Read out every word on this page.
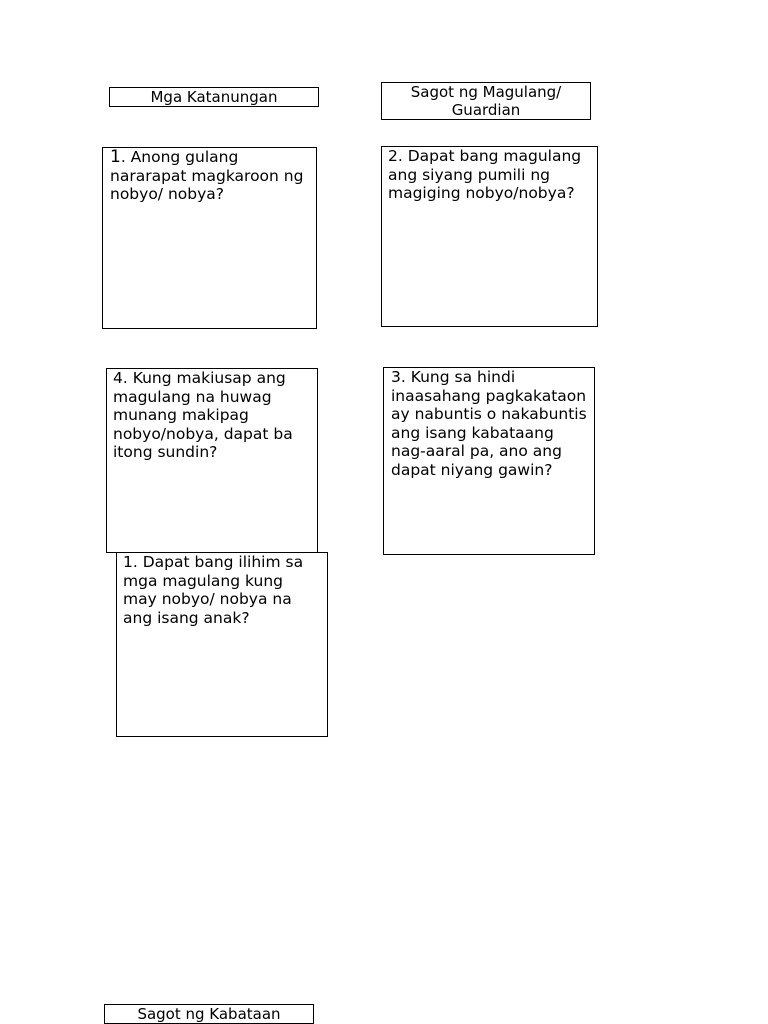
Mga Katanungan	Sagot ng Magulang/
Guardian
1. Anong gulang nararapat magkaroon ng nobyo/ nobya?
2. Dapat bang magulang ang siyang pumili ng magiging nobyo/nobya?
4. Kung makiusap ang magulang na huwag munang makipag nobyo/nobya, dapat ba itong sundin?
3. Kung sa hindi inaasahang pagkakataon ay nabuntis o nakabuntis ang isang kabataang nag-aaral pa, ano ang dapat niyang gawin?
1. Dapat bang ilihim sa mga magulang kung may nobyo/ nobya na ang isang anak?
Sagot ng Kabataan
